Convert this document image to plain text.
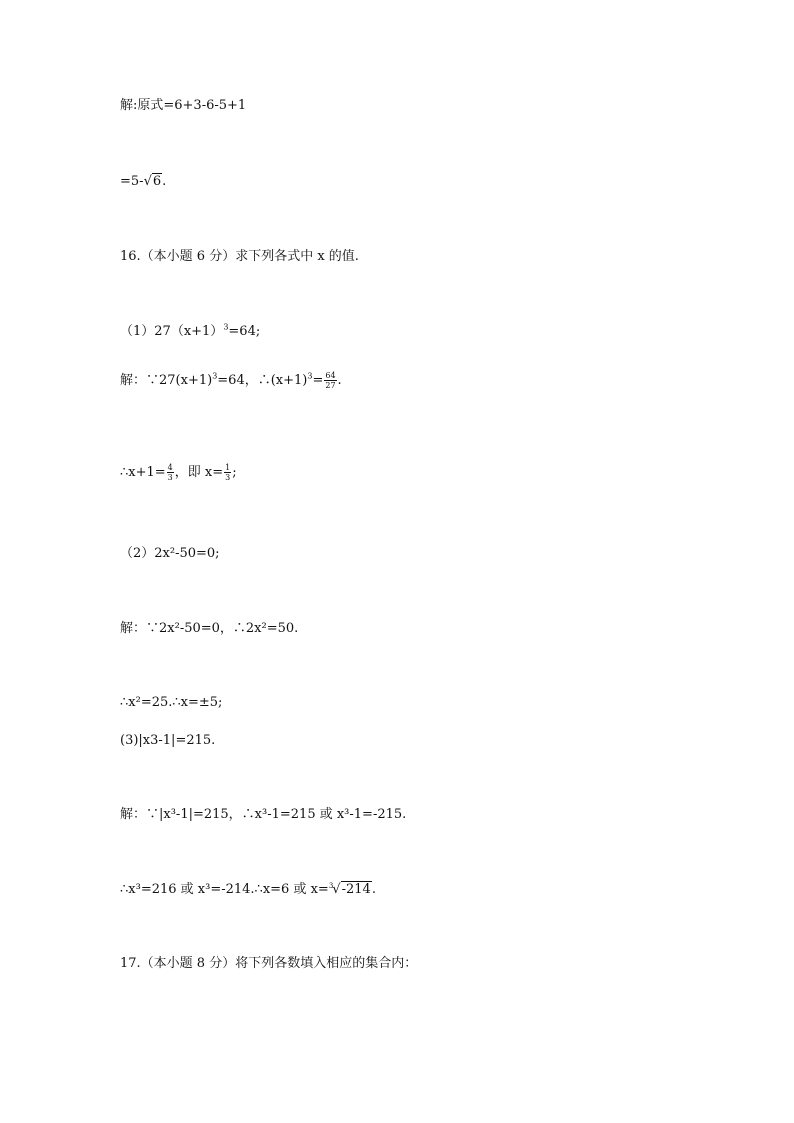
解:原式=6+3-6-5+1
=5-√6.
16.（本小题 6 分）求下列各式中 x 的值.
$(1)27(x+1)^3=64$;
解：$\because 27(x+1)^3=64$，$\therefore(x+1)^3= \frac{64}{27}$ .
∴x+1= $\frac{4}{3}$ ，即 $x= \frac{1}{3}$ ;
（2）2x²-50=0;
解：∵2x²-50=0，∴2x²=50.
∴x²=25.∴x=±5;
(3)|x3-1|=215.
解：∵|x³-1|=215，∴x³-1=215 或 x³-1=-215.
∴x³=216 或 x³=-214.∴x=6 或 x=$^3$√-214.
17.（本小题 8 分）将下列各数填入相应的集合内：
